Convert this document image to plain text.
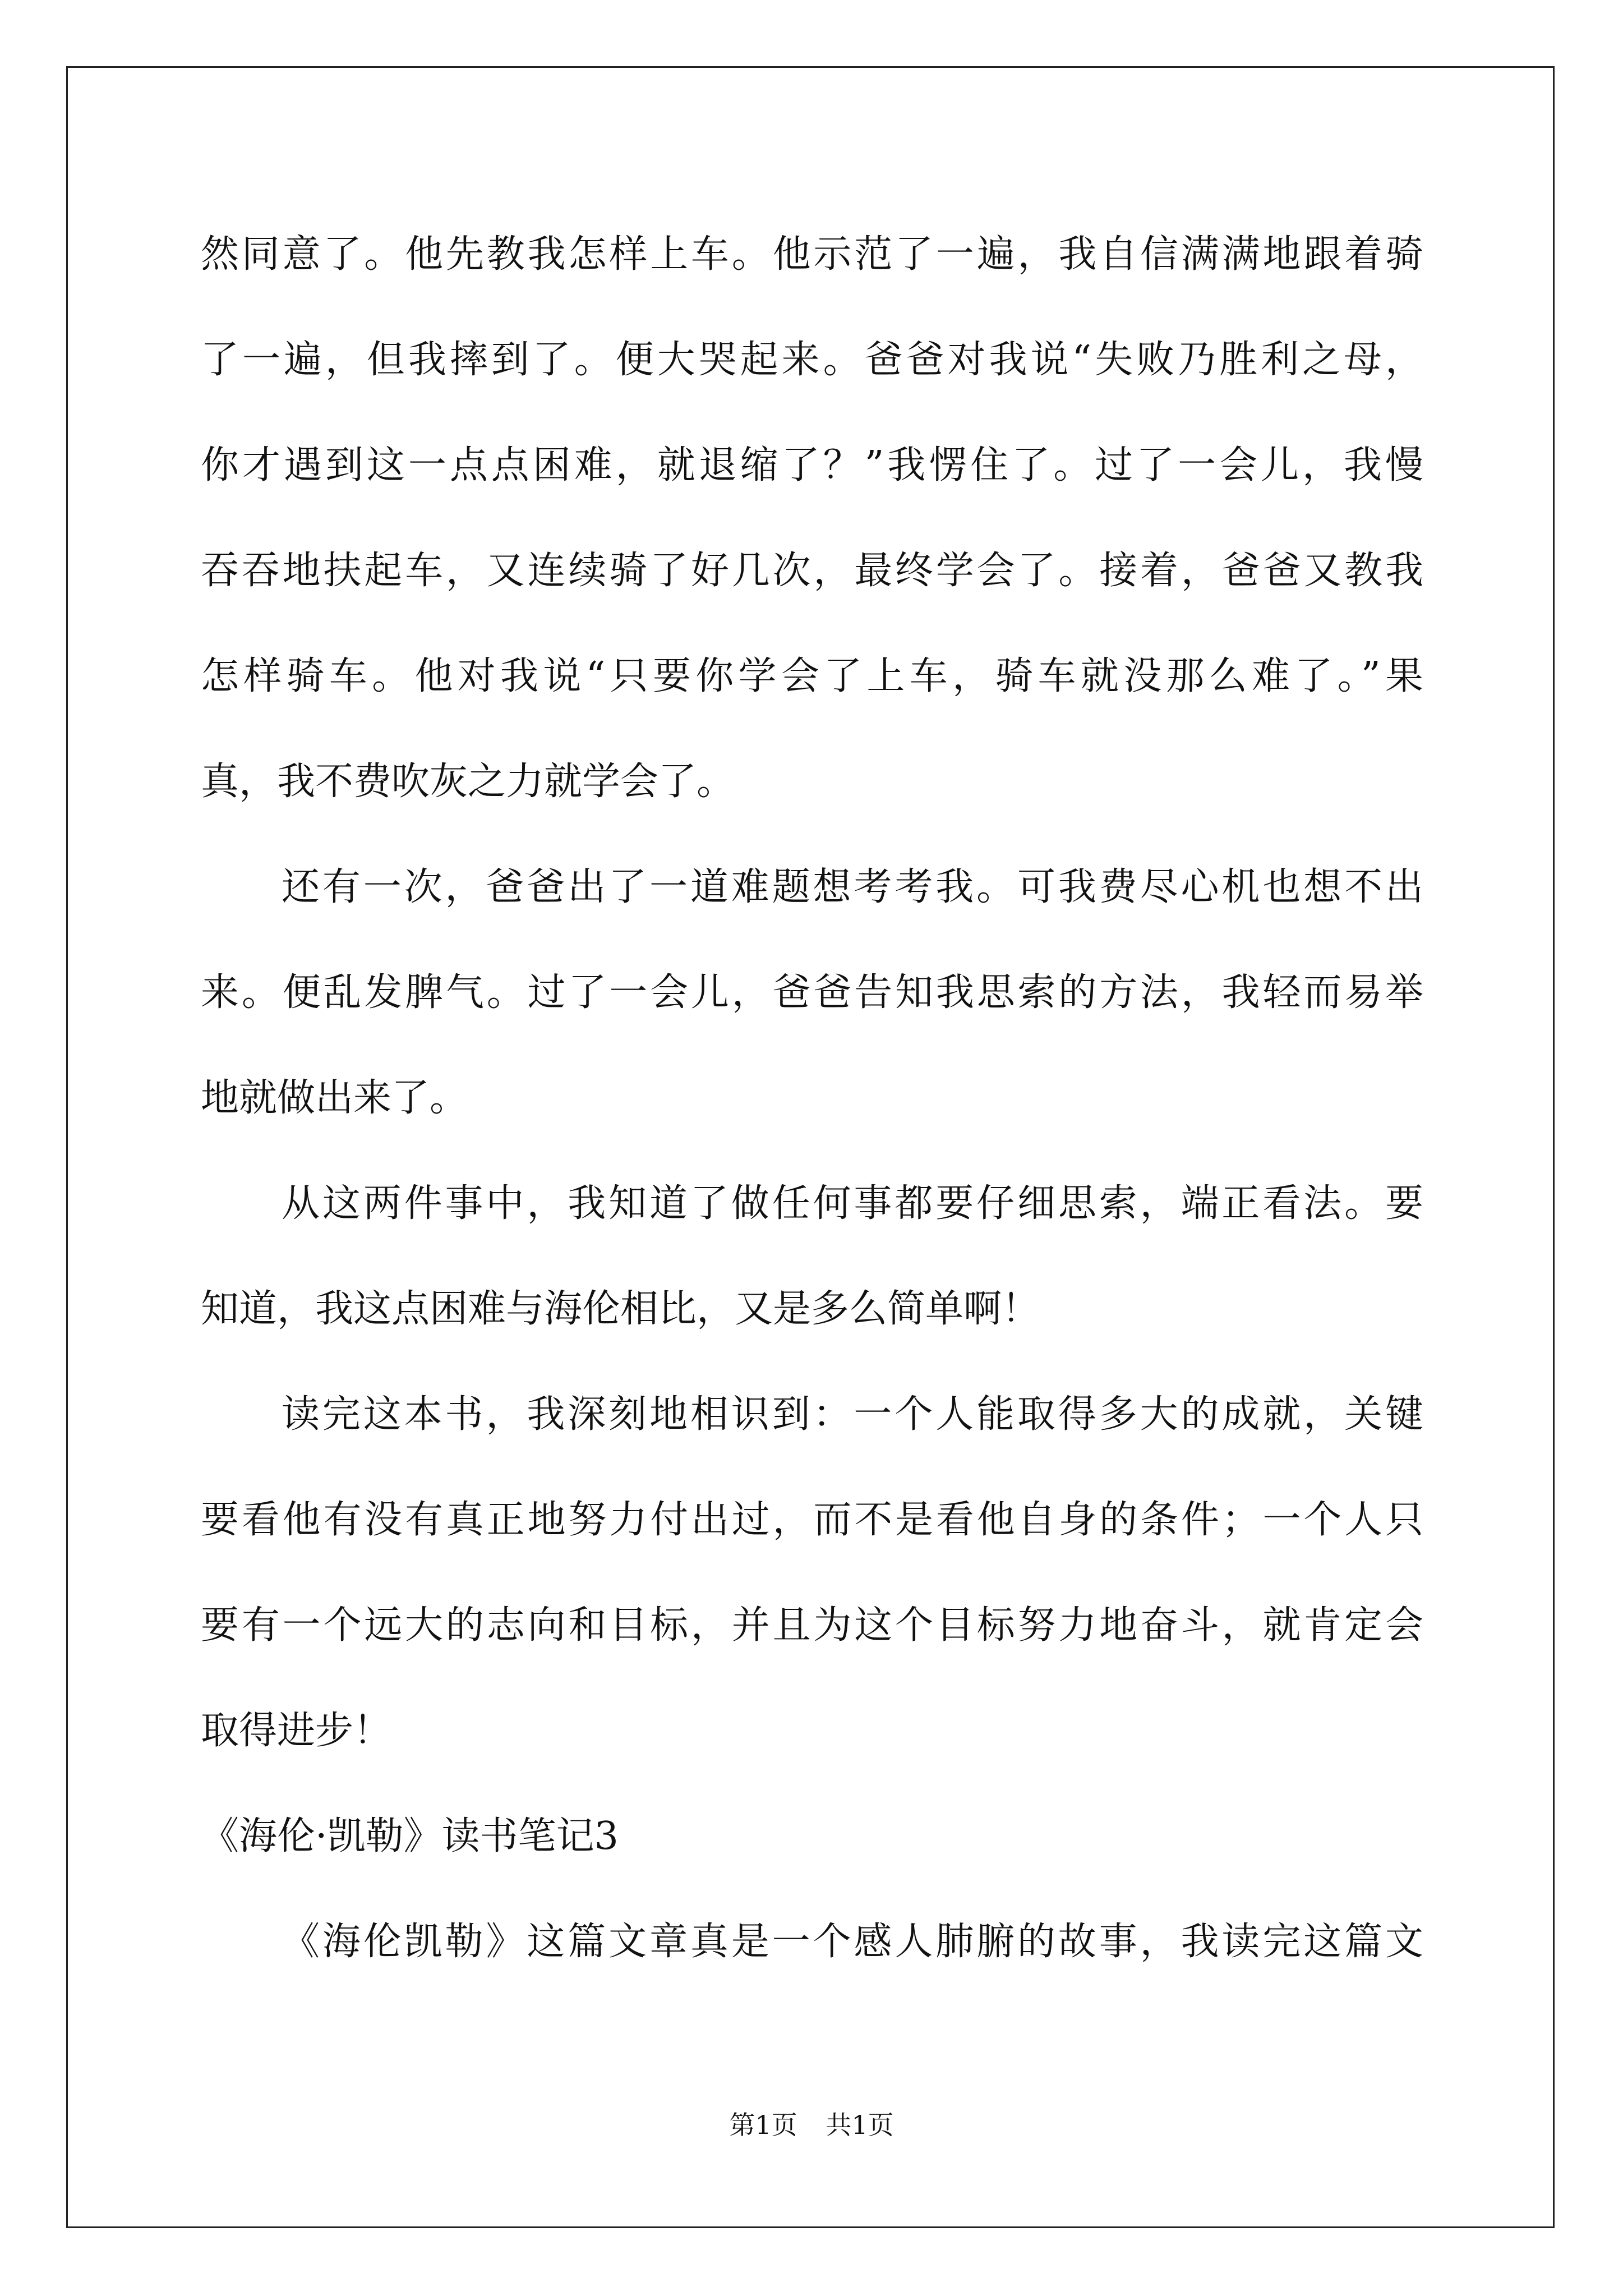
然同意了。他先教我怎样上车。他示范了一遍，我自信满满地跟着骑
了一遍，但我摔到了。便大哭起来。爸爸对我说“失败乃胜利之母，
你才遇到这一点点困难，就退缩了？”我愣住了。过了一会儿，我慢
吞吞地扶起车，又连续骑了好几次，最终学会了。接着，爸爸又教我
怎样骑车。他对我说“只要你学会了上车，骑车就没那么难了。”果
真，我不费吹灰之力就学会了。
还有一次，爸爸出了一道难题想考考我。可我费尽心机也想不出
来。便乱发脾气。过了一会儿，爸爸告知我思索的方法，我轻而易举
地就做出来了。
从这两件事中，我知道了做任何事都要仔细思索，端正看法。要
知道，我这点困难与海伦相比，又是多么简单啊！
读完这本书，我深刻地相识到：一个人能取得多大的成就，关键
要看他有没有真正地努力付出过，而不是看他自身的条件；一个人只
要有一个远大的志向和目标，并且为这个目标努力地奋斗，就肯定会
取得进步！
《海伦·凯勒》读书笔记3
《海伦凯勒》这篇文章真是一个感人肺腑的故事，我读完这篇文
第1页 共1页
